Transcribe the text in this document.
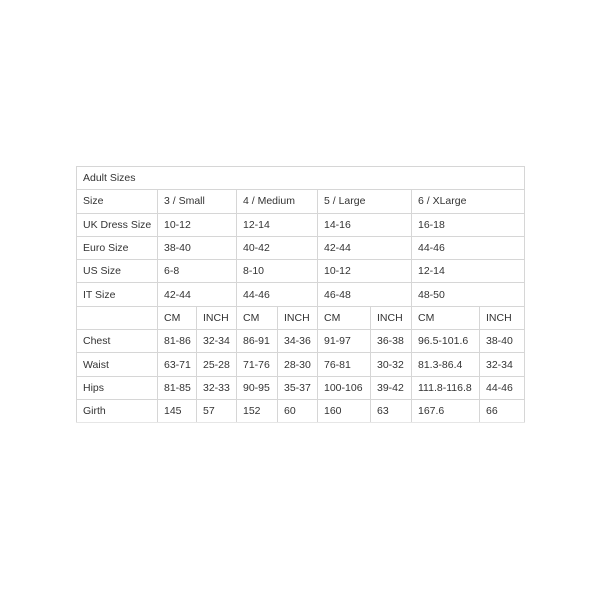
Adult Sizes								
Size	3 / Small		4 / Medium		5 / Large		6 / XLarge	
UK Dress Size	10-12		12-14		14-16		16-18	
Euro Size	38-40		40-42		42-44		44-46	
US Size	6-8		8-10		10-12		12-14	
IT Size	42-44		44-46		46-48		48-50	
	CM	INCH	CM	INCH	CM	INCH	CM	INCH
Chest	81-86	32-34	86-91	34-36	91-97	36-38	96.5-101.6	38-40
Waist	63-71	25-28	71-76	28-30	76-81	30-32	81.3-86.4	32-34
Hips	81-85	32-33	90-95	35-37	100-106	39-42	111.8-116.8	44-46
Girth	145	57	152	60	160	63	167.6	66
